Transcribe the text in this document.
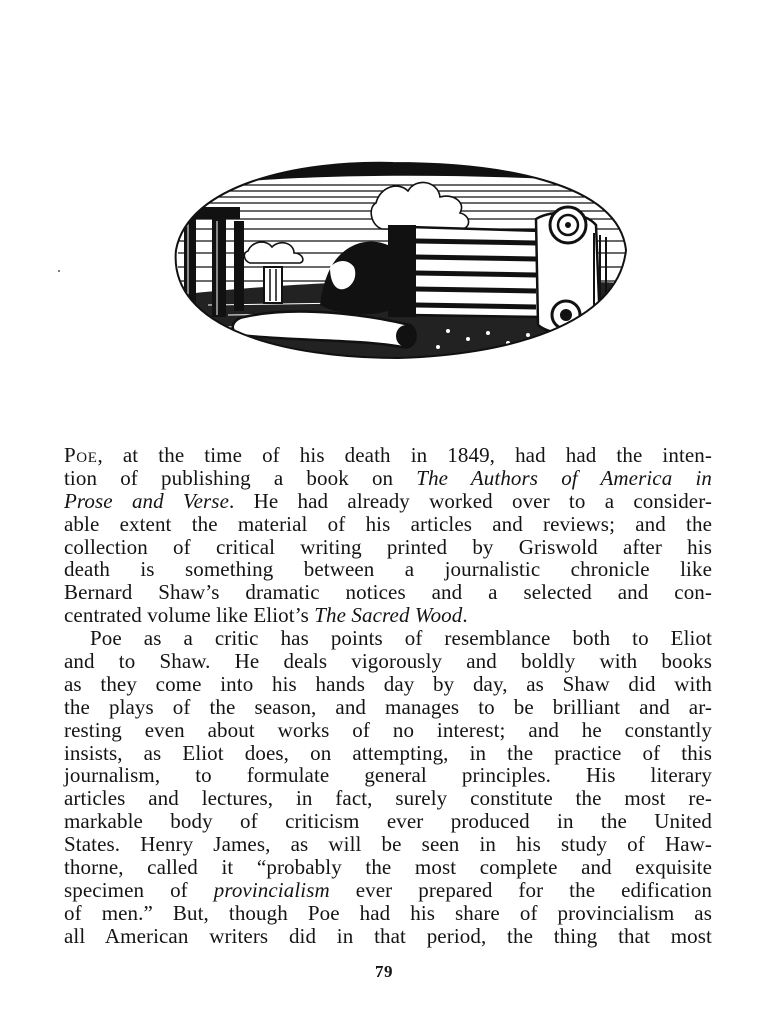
Poe, at the time of his death in 1849, had had the inten-
tion of publishing a book on The Authors of America in
Prose and Verse. He had already worked over to a consider-
able extent the material of his articles and reviews; and the
collection of critical writing printed by Griswold after his
death is something between a journalistic chronicle like
Bernard Shaw’s dramatic notices and a selected and con-
centrated volume like Eliot’s The Sacred Wood.
Poe as a critic has points of resemblance both to Eliot
and to Shaw. He deals vigorously and boldly with books
as they come into his hands day by day, as Shaw did with
the plays of the season, and manages to be brilliant and ar-
resting even about works of no interest; and he constantly
insists, as Eliot does, on attempting, in the practice of this
journalism, to formulate general principles. His literary
articles and lectures, in fact, surely constitute the most re-
markable body of criticism ever produced in the United
States. Henry James, as will be seen in his study of Haw-
thorne, called it “probably the most complete and exquisite
specimen of provincialism ever prepared for the edification
of men.” But, though Poe had his share of provincialism as
all American writers did in that period, the thing that most
79
